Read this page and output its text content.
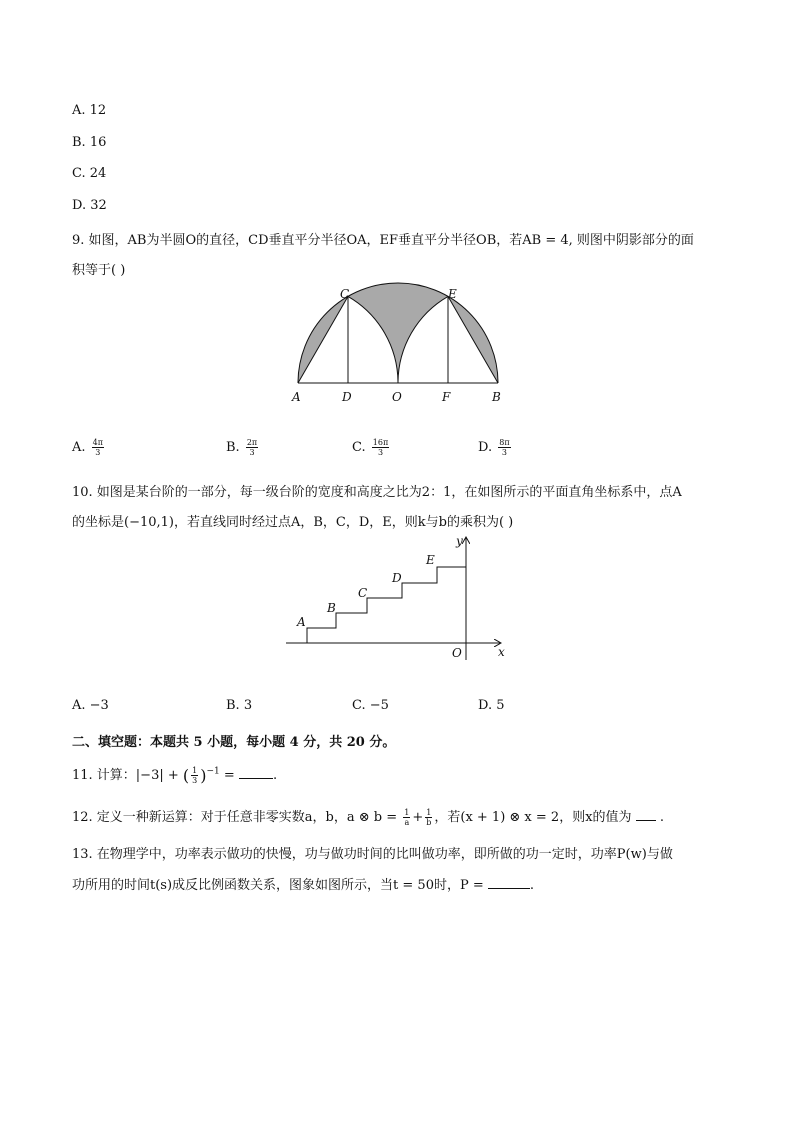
A. 12
B. 16
C. 24
D. 32
9. 如图，AB为半圆O的直径，CD垂直平分半径OA，EF垂直平分半径OB，若AB = 4, 则图中阴影部分的面
积等于( )
A	D	O	F	B
C	E
A. $\frac{4\pi}{3}$	B. $\frac{2\pi}{3}$	C. $\frac{16\pi}{3}$	D. $\frac{8\pi}{3}$
10. 如图是某台阶的一部分，每一级台阶的宽度和高度之比为2：1，在如图所示的平面直角坐标系中，点A
的坐标是(−10,1)，若直线同时经过点A，B，C，D，E，则k与b的乘积为( )
A
B
C
D
E
O	x
y
A. −3	B. 3	C. −5	D. 5
二、填空题：本题共 5 小题，每小题 4 分，共 20 分。
11. 计算：|−3| + ( $\frac{1}{3} )^{-1}$ =	.
12. 定义一种新运算：对于任意非零实数a，b，a ⊗ $b = \frac{1}{a} + \frac{1}{b}$ ，若(x + 1) ⊗ x = 2，则x的值为 .
13. 在物理学中，功率表示做功的快慢，功与做功时间的比叫做功率，即所做的功一定时，功率P(w)与做
功所用的时间t(s)成反比例函数关系，图象如图所示，当t = 50时，P =	.
